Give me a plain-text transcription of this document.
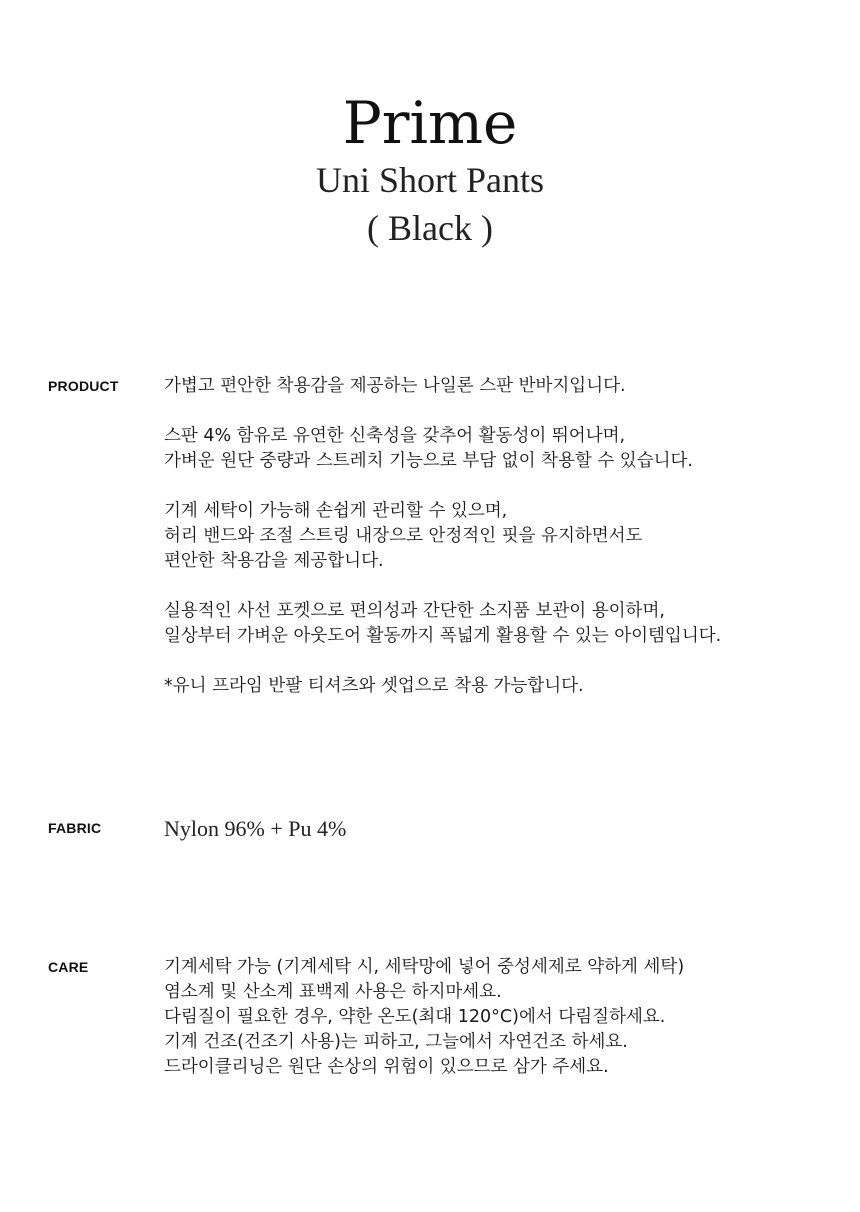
Prime
Uni Short Pants
( Black )
PRODUCT	가볍고 편안한 착용감을 제공하는 나일론 스판 반바지입니다.

스판 4% 함유로 유연한 신축성을 갖추어 활동성이 뛰어나며,
가벼운 원단 중량과 스트레치 기능으로 부담 없이 착용할 수 있습니다.

기계 세탁이 가능해 손쉽게 관리할 수 있으며,
허리 밴드와 조절 스트링 내장으로 안정적인 핏을 유지하면서도
편안한 착용감을 제공합니다.

실용적인 사선 포켓으로 편의성과 간단한 소지품 보관이 용이하며,
일상부터 가벼운 아웃도어 활동까지 폭넓게 활용할 수 있는 아이템입니다.

*유니 프라임 반팔 티셔츠와 셋업으로 착용 가능합니다.

FABRIC	Nylon 96% + Pu 4%
CARE	기계세탁 가능 (기계세탁 시, 세탁망에 넣어 중성세제로 약하게 세탁)
염소계 및 산소계 표백제 사용은 하지마세요.
다림질이 필요한 경우, 약한 온도(최대 120°C)에서 다림질하세요.
기계 건조(건조기 사용)는 피하고, 그늘에서 자연건조 하세요.
드라이클리닝은 원단 손상의 위험이 있으므로 삼가 주세요.
